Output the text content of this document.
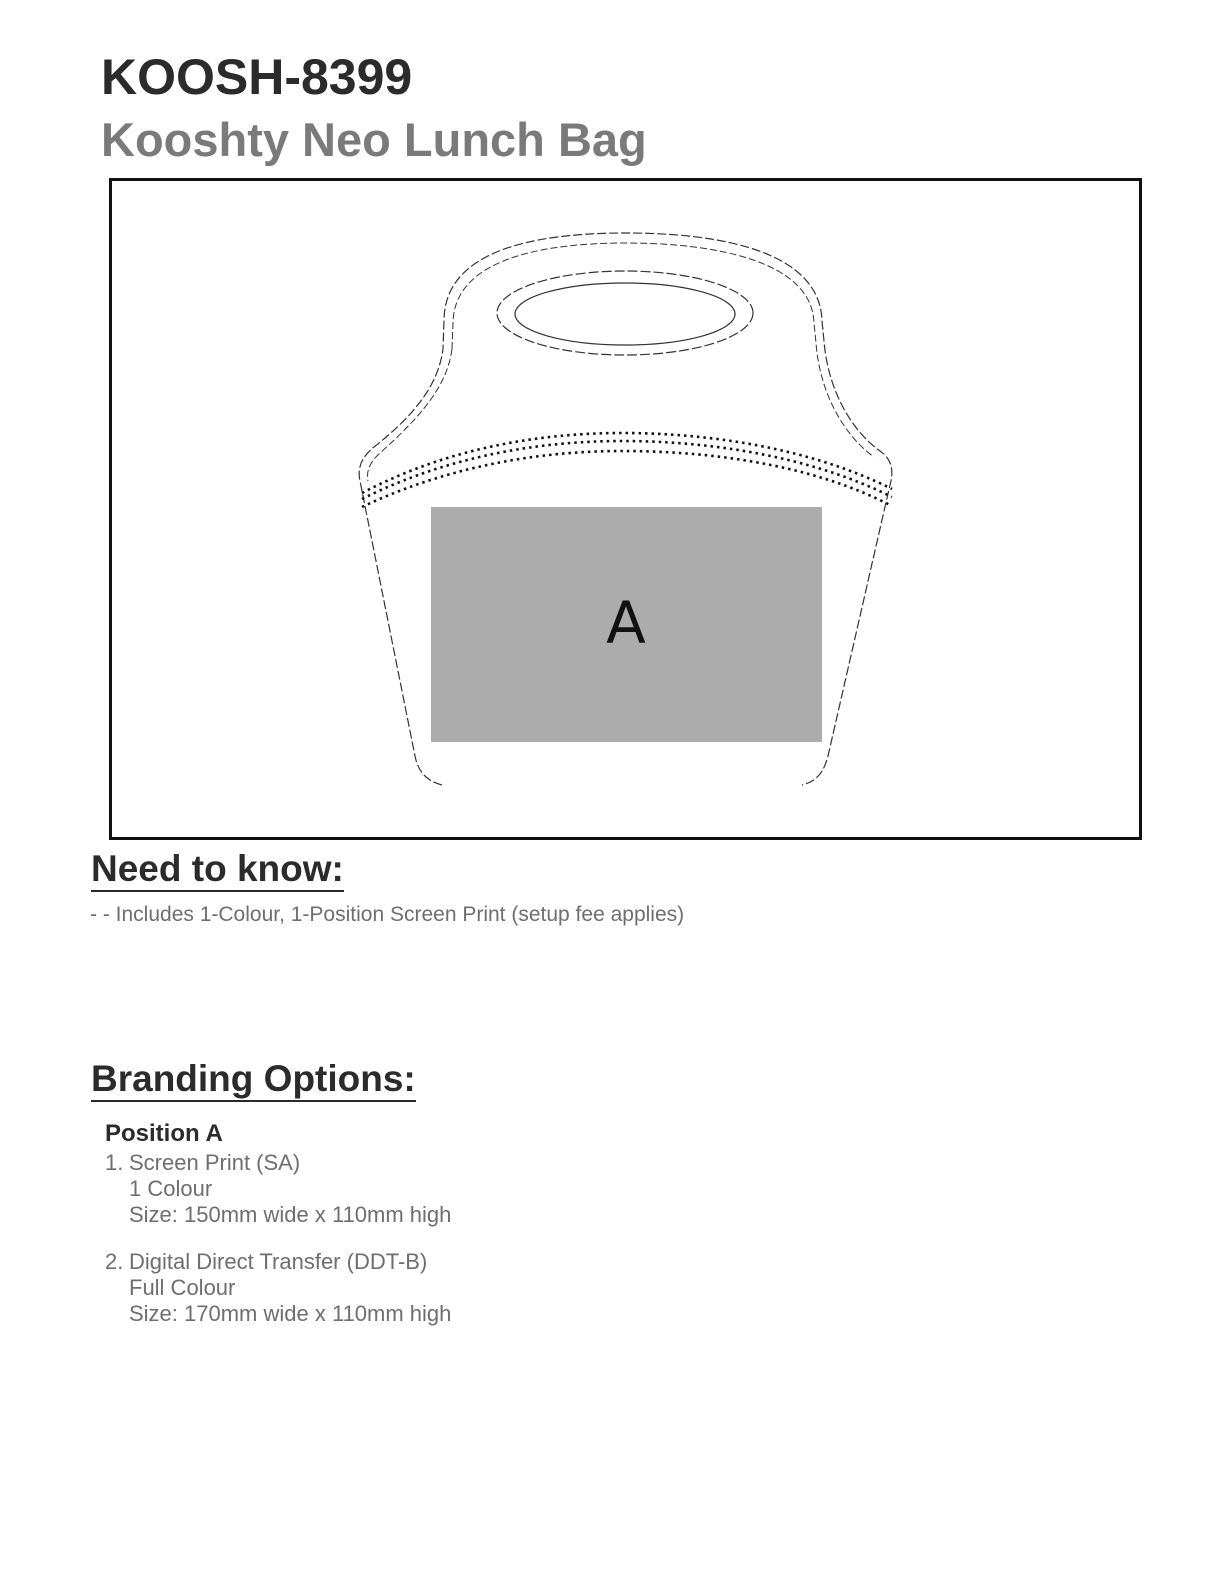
KOOSH-8399
Kooshty Neo Lunch Bag
A
Need to know:

- - Includes 1-Colour, 1-Position Screen Print (setup fee applies)

Branding Options:

Position A

1. Screen Print (SA)
1 Colour
Size: 150mm wide x 110mm high
2. Digital Direct Transfer (DDT-B)
Full Colour
Size: 170mm wide x 110mm high
